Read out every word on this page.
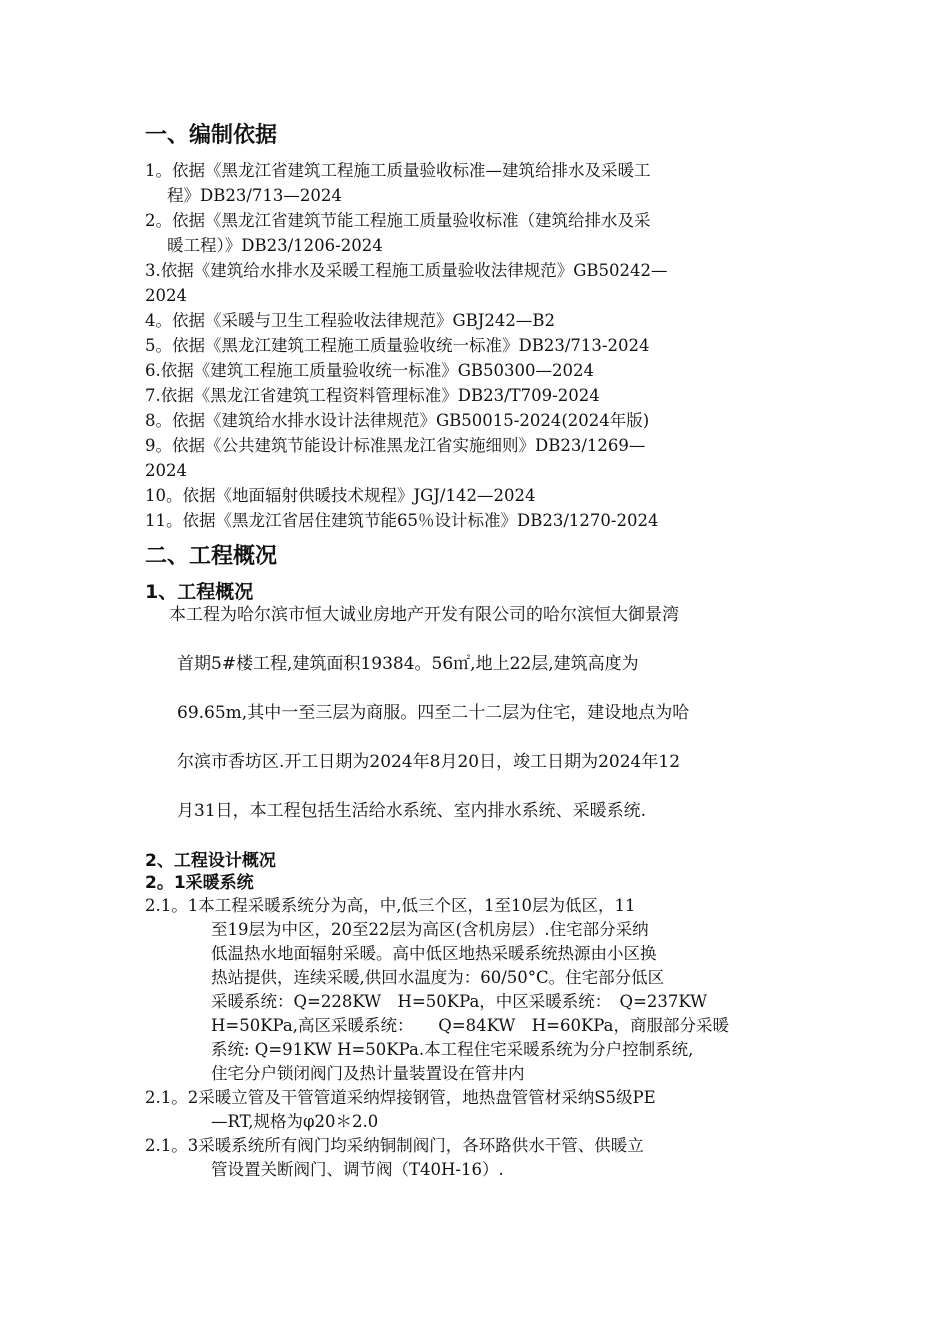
一、编制依据
1。依据《黑龙江省建筑工程施工质量验收标准—建筑给排水及采暖工
程》DB23/713—2024
2。依据《黑龙江省建筑节能工程施工质量验收标准（建筑给排水及采
暖工程）》DB23/1206-2024
3.依据《建筑给水排水及采暖工程施工质量验收法律规范》GB50242—
2024
4。依据《采暖与卫生工程验收法律规范》GBJ242—B2
5。依据《黑龙江建筑工程施工质量验收统一标准》DB23/713-2024
6.依据《建筑工程施工质量验收统一标准》GB50300—2024
7.依据《黑龙江省建筑工程资料管理标准》DB23/T709-2024
8。依据《建筑给水排水设计法律规范》GB50015-2024(2024年版)
9。依据《公共建筑节能设计标准黑龙江省实施细则》DB23/1269—
2024
10。依据《地面辐射供暖技术规程》JGJ/142—2024
11。依据《黑龙江省居住建筑节能65％设计标准》DB23/1270-2024
二、工程概况
1、工程概况
本工程为哈尔滨市恒大诚业房地产开发有限公司的哈尔滨恒大御景湾
首期5#楼工程,建筑面积19384。56㎡,地上22层,建筑高度为
69.65m,其中一至三层为商服。四至二十二层为住宅，建设地点为哈
尔滨市香坊区.开工日期为2024年8月20日，竣工日期为2024年12
月31日，本工程包括生活给水系统、室内排水系统、采暖系统.
2、工程设计概况
2。1采暖系统
2.1。1本工程采暖系统分为高，中,低三个区，1至10层为低区，11
至19层为中区，20至22层为高区(含机房层）.住宅部分采纳
低温热水地面辐射采暖。高中低区地热采暖系统热源由小区换
热站提供，连续采暖,供回水温度为：60/50°C。住宅部分低区
采暖系统：Q=228KW　H=50KPa，中区采暖系统：　Q=237KW
H=50KPa,高区采暖系统：　　Q=84KW　H=60KPa，商服部分采暖
系统: Q=91KW H=50KPa.本工程住宅采暖系统为分户控制系统,
住宅分户锁闭阀门及热计量装置设在管井内
2.1。2采暖立管及干管管道采纳焊接钢管，地热盘管管材采纳S5级PE
—RT,规格为φ20＊2.0
2.1。3采暖系统所有阀门均采纳铜制阀门，各环路供水干管、供暖立
管设置关断阀门、调节阀（T40H-16）.
